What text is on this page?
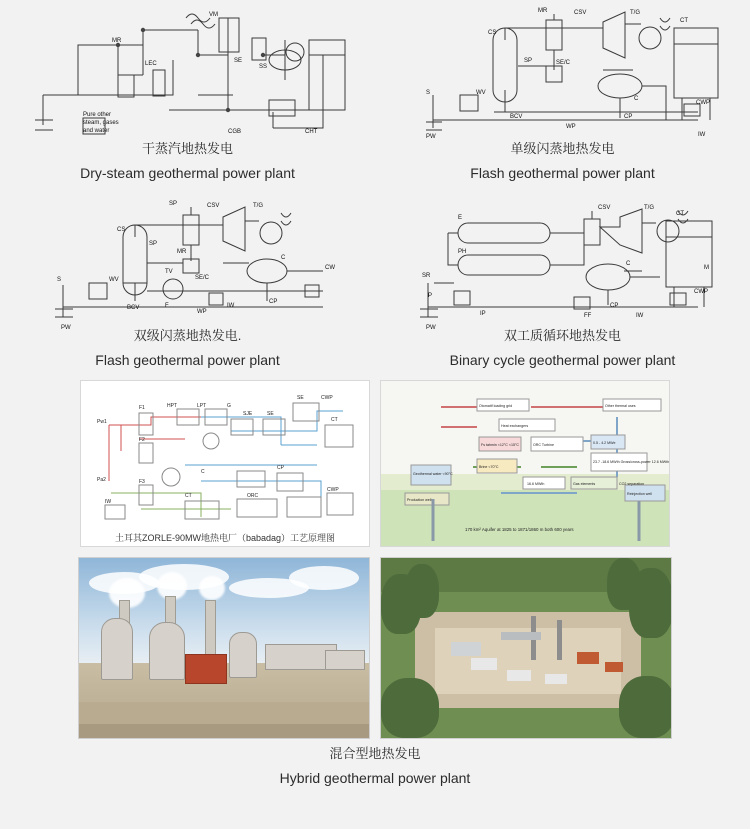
VM
MR
LEC
Pure other
steam, gases
and water
SE
SS
CGB	CHT
干蒸汽地热发电
Dry-steam geothermal power plant
CS
MR	CSV	T/G
CT
SP	SE/C
C
CP
CWP
BCV
WP
WV
S
PW	IW
单级闪蒸地热发电
Flash geothermal power plant
SP	CSV	T/G
CS
SP
MR
TV
SE/C
C
CW
CP
BCV
WP
WV
S
PW
IW
F
双级闪蒸地热发电.
Flash geothermal power plant
E
CSV	T/G
CT
PH
C
CWP
CP
SR
P
PW
IP	FF	IW
M
双工质循环地热发电
Binary cycle geothermal power plant
Pw1
F1
F2
F3
Pa2
HPT	LPT	G
SJE	SE
SE	CWP
CT
C
CP
ORC
CT
CWP
IW
土耳其ZORLE-90MW地热电厂（babadag）工艺原理图
Otomatif loading grid	Other thermal uses
Heat exchangers
Fs tahmin <12°C <15°C	ORC Turbine	0.5 - 4.2 MWe
23.7 -18.6 MWth Gross/cross-power 12.6 MWth
Brine <70°C
16.6 MWth	Gas elements	CO2 separation
Geothermal water <90°C
Reinjection well
Production well
170 km² Aquifer at 1825 to 1871/1860 m both 600 years
混合型地热发电
Hybrid geothermal power plant
